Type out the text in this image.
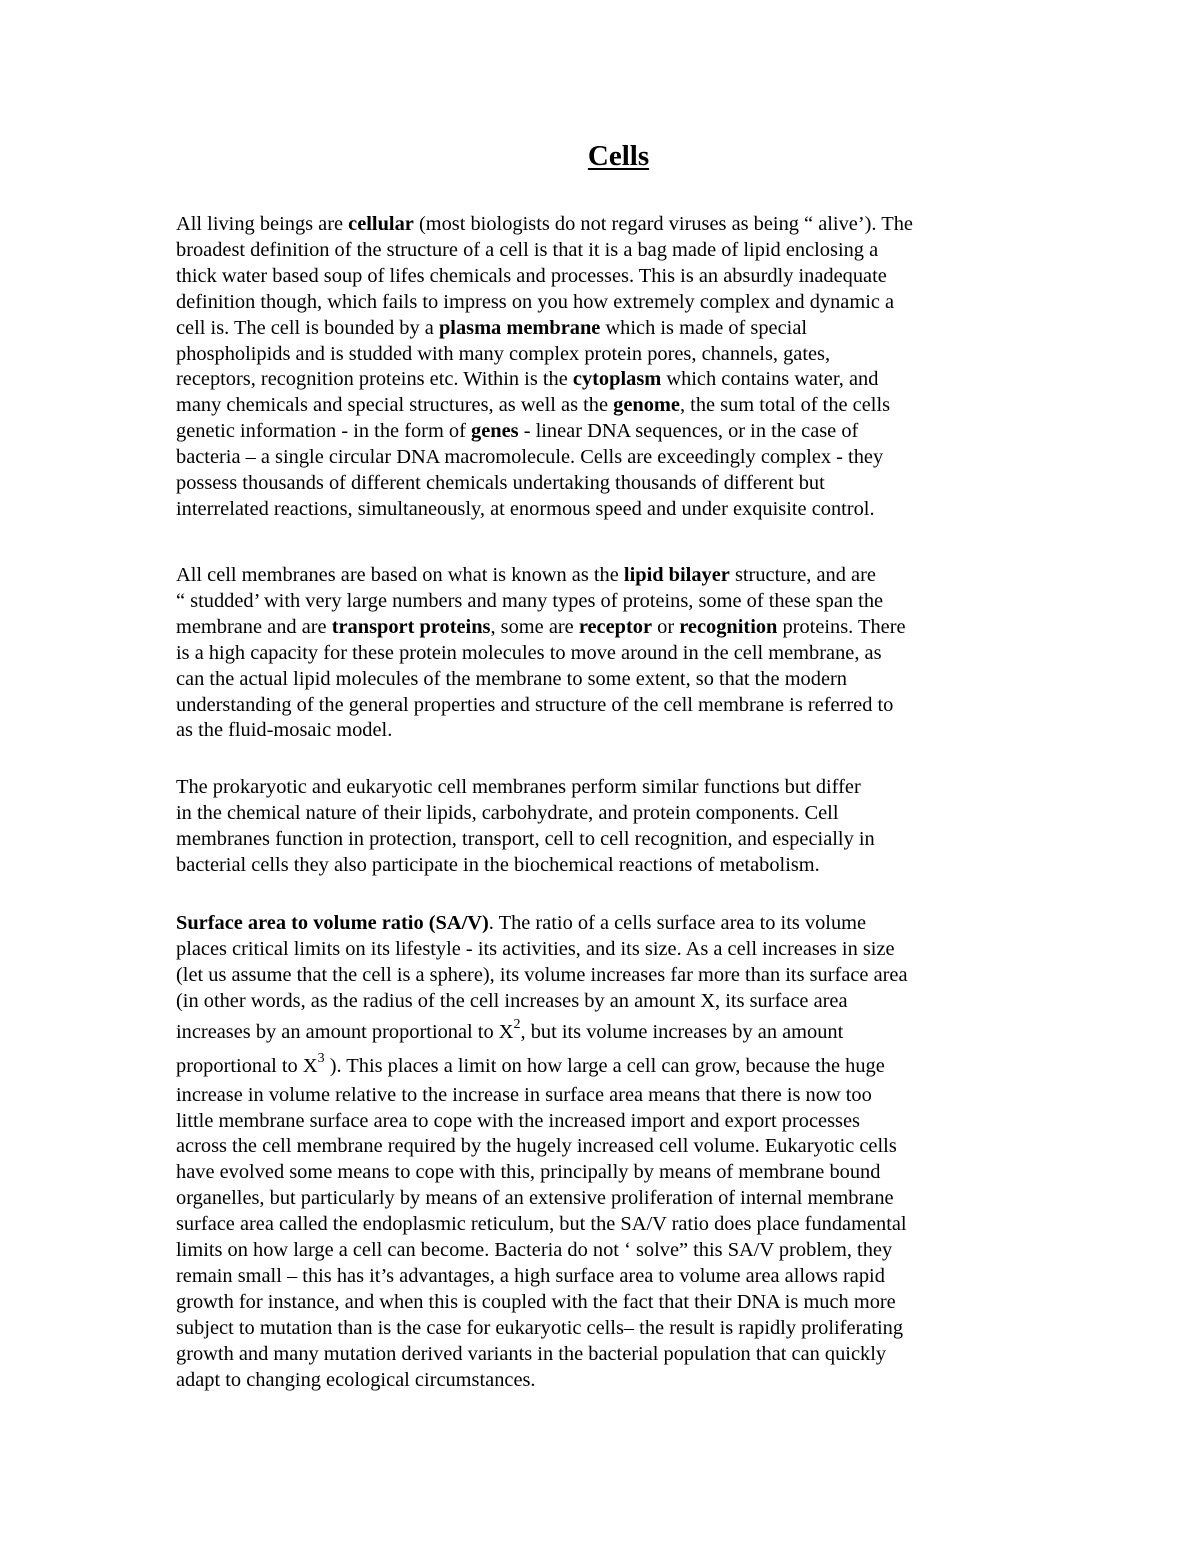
Cells

All living beings are cellular (most biologists do not regard viruses as being “ alive’). The
broadest definition of the structure of a cell is that it is a bag made of lipid enclosing a
thick water based soup of lifes chemicals and processes. This is an absurdly inadequate
definition though, which fails to impress on you how extremely complex and dynamic a
cell is. The cell is bounded by a plasma membrane which is made of special
phospholipids and is studded with many complex protein pores, channels, gates,
receptors, recognition proteins etc. Within is the cytoplasm which contains water, and
many chemicals and special structures, as well as the genome, the sum total of the cells
genetic information - in the form of genes - linear DNA sequences, or in the case of
bacteria – a single circular DNA macromolecule. Cells are exceedingly complex - they
possess thousands of different chemicals undertaking thousands of different but
interrelated reactions, simultaneously, at enormous speed and under exquisite control.

All cell membranes are based on what is known as the lipid bilayer structure, and are
“ studded’ with very large numbers and many types of proteins, some of these span the
membrane and are transport proteins, some are receptor or recognition proteins. There
is a high capacity for these protein molecules to move around in the cell membrane, as
can the actual lipid molecules of the membrane to some extent, so that the modern
understanding of the general properties and structure of the cell membrane is referred to
as the fluid-mosaic model.

The prokaryotic and eukaryotic cell membranes perform similar functions but differ
in the chemical nature of their lipids, carbohydrate, and protein components. Cell
membranes function in protection, transport, cell to cell recognition, and especially in
bacterial cells they also participate in the biochemical reactions of metabolism.

Surface area to volume ratio (SA/V). The ratio of a cells surface area to its volume
places critical limits on its lifestyle - its activities, and its size. As a cell increases in size
(let us assume that the cell is a sphere), its volume increases far more than its surface area
(in other words, as the radius of the cell increases by an amount X, its surface area
increases by an amount proportional to $X^2$, but its volume increases by an amount
proportional to $X^3$ ). This places a limit on how large a cell can grow, because the huge
increase in volume relative to the increase in surface area means that there is now too
little membrane surface area to cope with the increased import and export processes
across the cell membrane required by the hugely increased cell volume. Eukaryotic cells
have evolved some means to cope with this, principally by means of membrane bound
organelles, but particularly by means of an extensive proliferation of internal membrane
surface area called the endoplasmic reticulum, but the SA/V ratio does place fundamental
limits on how large a cell can become. Bacteria do not ‘ solve” this SA/V problem, they
remain small – this has it’s advantages, a high surface area to volume area allows rapid
growth for instance, and when this is coupled with the fact that their DNA is much more
subject to mutation than is the case for eukaryotic cells– the result is rapidly proliferating
growth and many mutation derived variants in the bacterial population that can quickly
adapt to changing ecological circumstances.
